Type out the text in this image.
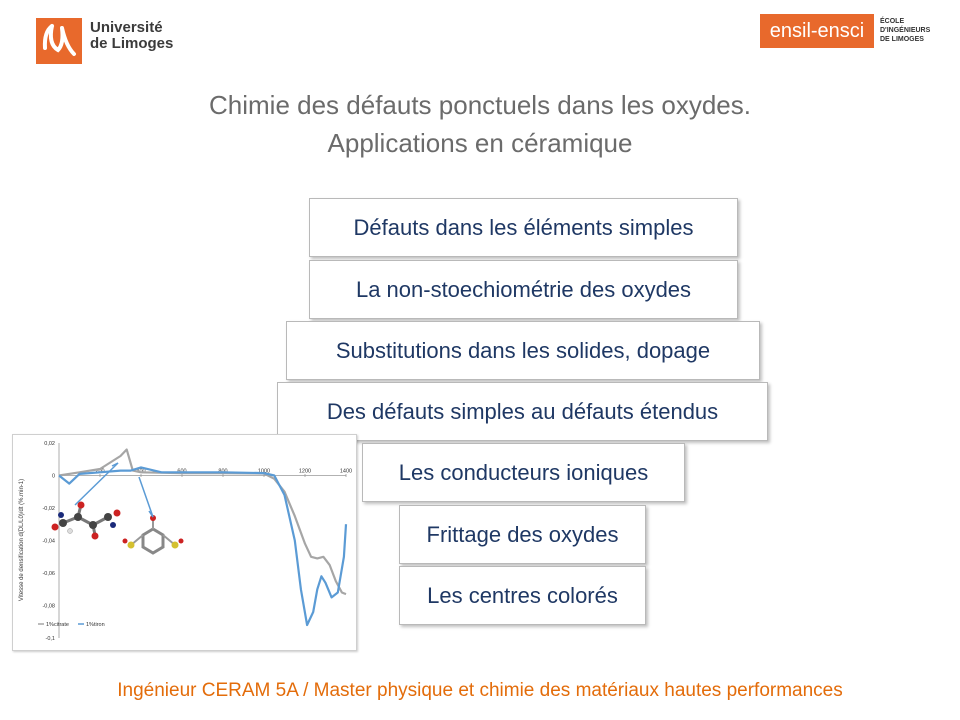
Université
de Limoges
ensil-ensci	ÉCOLE
D'INGÉNIEURS
DE LIMOGES
Chimie des défauts ponctuels dans les oxydes.
Applications en céramique
Défauts dans les éléments simples
La non-stoechiométrie des oxydes
Substitutions dans les solides, dopage
Des défauts simples au défauts étendus
Les conducteurs ioniques
Frittage des oxydes
Les centres colorés
0,02
0
-0,02
-0,04
-0,06
-0,08
-0,1
200	400	600	800	1000	1200	1400
Vitesse de densification d(DL/L0)/dt (%.min-1)
1%citrate	1%tiron
Ingénieur CERAM 5A / Master physique et chimie des matériaux hautes performances
